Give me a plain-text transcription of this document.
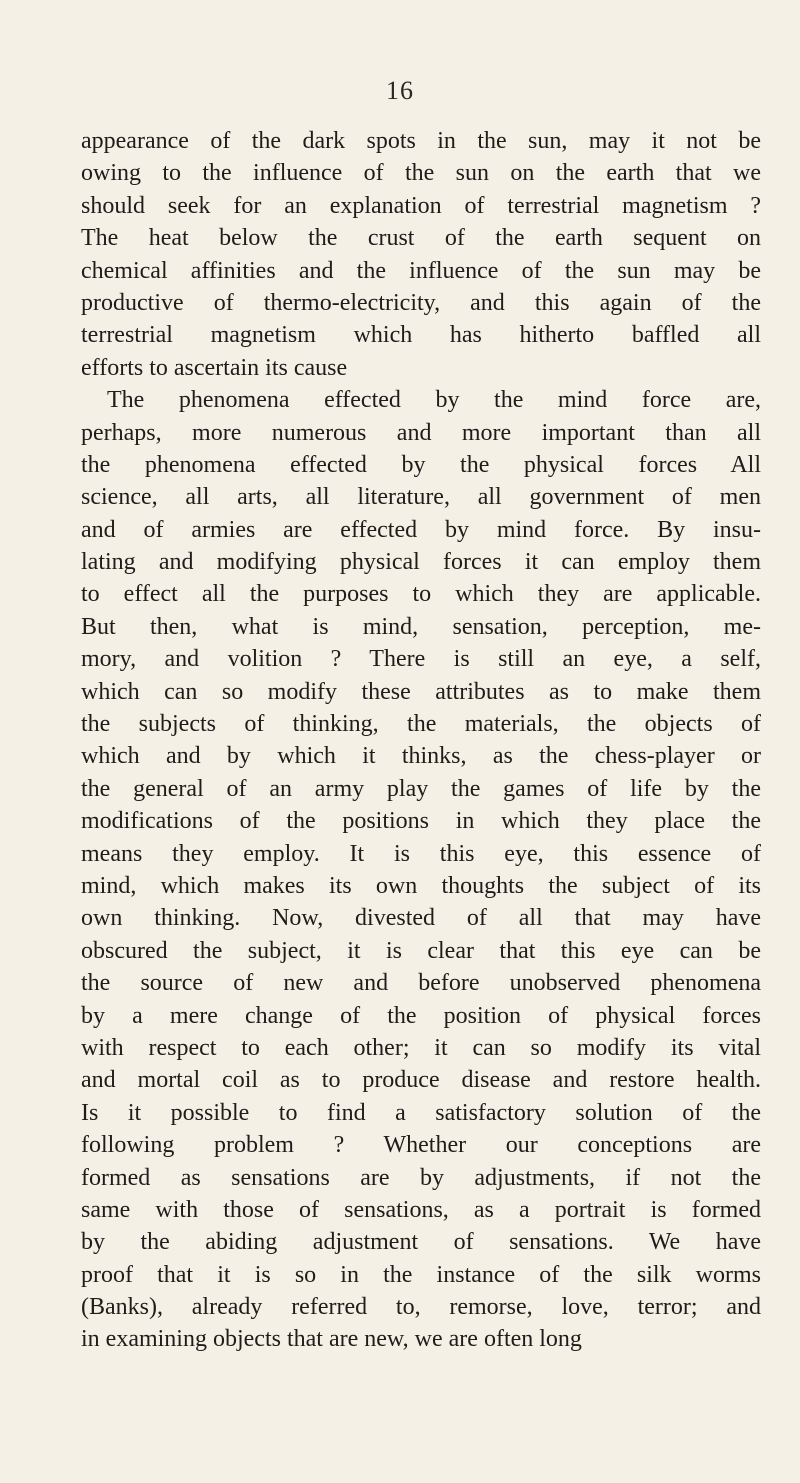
16
appearance of the dark spots in the sun, may it not be
owing to the influence of the sun on the earth that we
should seek for an explanation of terrestrial magnetism ?
The heat below the crust of the earth sequent on
chemical affinities and the influence of the sun may be
productive of thermo-electricity, and this again of the
terrestrial magnetism which has hitherto baffled all
efforts to ascertain its cause
The phenomena effected by the mind force are,
perhaps, more numerous and more important than all
the phenomena effected by the physical forces All
science, all arts, all literature, all government of men
and of armies are effected by mind force. By insu-
lating and modifying physical forces it can employ them
to effect all the purposes to which they are applicable.
But then, what is mind, sensation, perception, me-
mory, and volition ? There is still an eye, a self,
which can so modify these attributes as to make them
the subjects of thinking, the materials, the objects of
which and by which it thinks, as the chess-player or
the general of an army play the games of life by the
modifications of the positions in which they place the
means they employ. It is this eye, this essence of
mind, which makes its own thoughts the subject of its
own thinking. Now, divested of all that may have
obscured the subject, it is clear that this eye can be
the source of new and before unobserved phenomena
by a mere change of the position of physical forces
with respect to each other; it can so modify its vital
and mortal coil as to produce disease and restore health.
Is it possible to find a satisfactory solution of the
following problem ? Whether our conceptions are
formed as sensations are by adjustments, if not the
same with those of sensations, as a portrait is formed
by the abiding adjustment of sensations. We have
proof that it is so in the instance of the silk worms
(Banks), already referred to, remorse, love, terror; and
in examining objects that are new, we are often long
